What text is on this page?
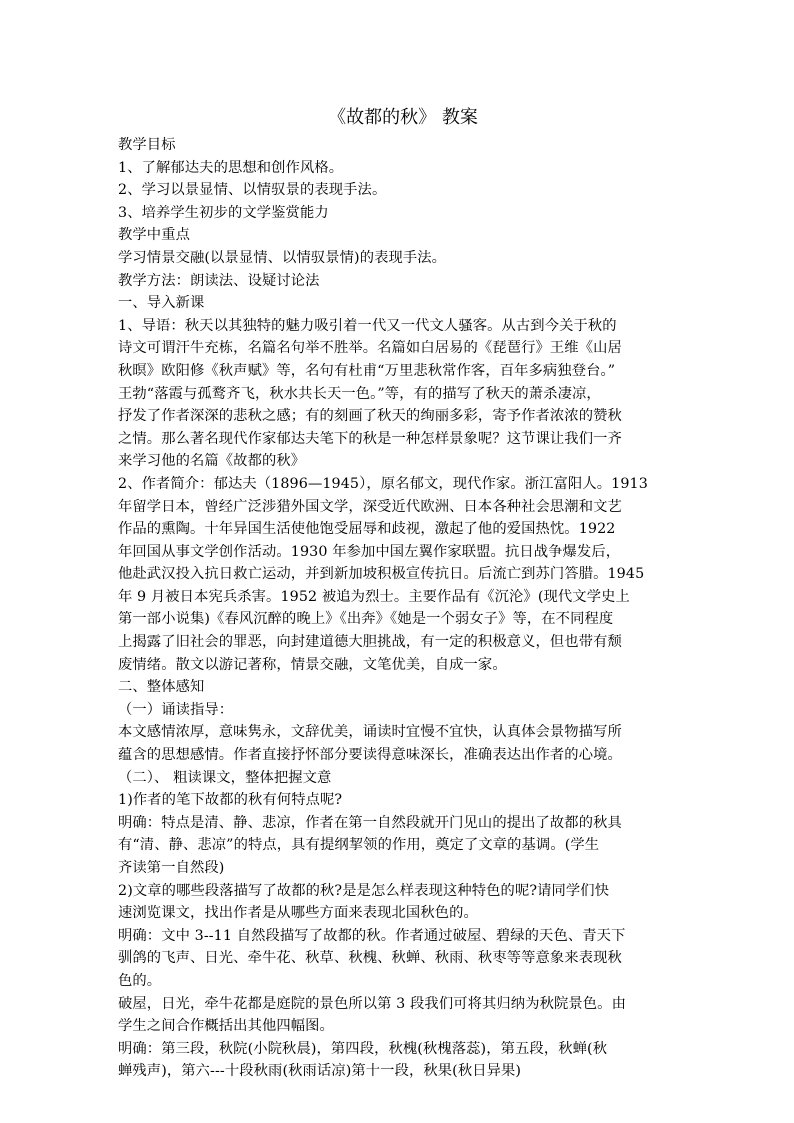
《故都的秋》 教案

教学目标

1、了解郁达夫的思想和创作风格。

2、学习以景显情、以情驭景的表现手法。

3、培养学生初步的文学鉴赏能力

教学中重点

学习情景交融(以景显情、以情驭景情)的表现手法。

教学方法：朗读法、设疑讨论法

一、导入新课

1、导语：秋天以其独特的魅力吸引着一代又一代文人骚客。从古到今关于秋的

诗文可谓汗牛充栋，名篇名句举不胜举。名篇如白居易的《琵琶行》王维《山居

秋暝》欧阳修《秋声赋》等，名句有杜甫“万里悲秋常作客，百年多病独登台。”

王勃“落霞与孤鹜齐飞，秋水共长天一色。”等，有的描写了秋天的萧杀凄凉，

抒发了作者深深的悲秋之感；有的刻画了秋天的绚丽多彩，寄予作者浓浓的赞秋

之情。那么著名现代作家郁达夫笔下的秋是一种怎样景象呢？这节课让我们一齐

来学习他的名篇《故都的秋》

2、作者简介：郁达夫（1896—1945），原名郁文，现代作家。浙江富阳人。1913

年留学日本，曾经广泛涉猎外国文学，深受近代欧洲、日本各种社会思潮和文艺

作品的熏陶。十年异国生活使他饱受屈辱和歧视，激起了他的爱国热忱。1922

年回国从事文学创作活动。1930 年参加中国左翼作家联盟。抗日战争爆发后，

他赴武汉投入抗日救亡运动，并到新加坡积极宣传抗日。后流亡到苏门答腊。1945

年 9 月被日本宪兵杀害。1952 被追为烈士。主要作品有《沉沦》(现代文学史上

第一部小说集)《春风沉醉的晚上》《出奔》《她是一个弱女子》等，在不同程度

上揭露了旧社会的罪恶，向封建道德大胆挑战，有一定的积极意义，但也带有颓

废情绪。散文以游记著称，情景交融，文笔优美，自成一家。

二、整体感知

（一）诵读指导：

本文感情浓厚，意味隽永，文辞优美，诵读时宜慢不宜快，认真体会景物描写所

蕴含的思想感情。作者直接抒怀部分要读得意味深长，准确表达出作者的心境。

（二）、 粗读课文，整体把握文意

1)作者的笔下故都的秋有何特点呢?

明确：特点是清、静、悲凉，作者在第一自然段就开门见山的提出了故都的秋具

有“清、静、悲凉”的特点，具有提纲挈领的作用，奠定了文章的基调。(学生

齐读第一自然段)

2)文章的哪些段落描写了故都的秋?是是怎么样表现这种特色的呢?请同学们快

速浏览课文，找出作者是从哪些方面来表现北国秋色的。

明确：文中 3--11 自然段描写了故都的秋。作者通过破屋、碧绿的天色、青天下

驯鸽的飞声、日光、牵牛花、秋草、秋槐、秋蝉、秋雨、秋枣等等意象来表现秋

色的。

破屋，日光，牵牛花都是庭院的景色所以第 3 段我们可将其归纳为秋院景色。由

学生之间合作概括出其他四幅图。

明确：第三段，秋院(小院秋晨)，第四段，秋槐(秋槐落蕊)，第五段，秋蝉(秋

蝉残声)，第六---十段秋雨(秋雨话凉)第十一段，秋果(秋日异果)
